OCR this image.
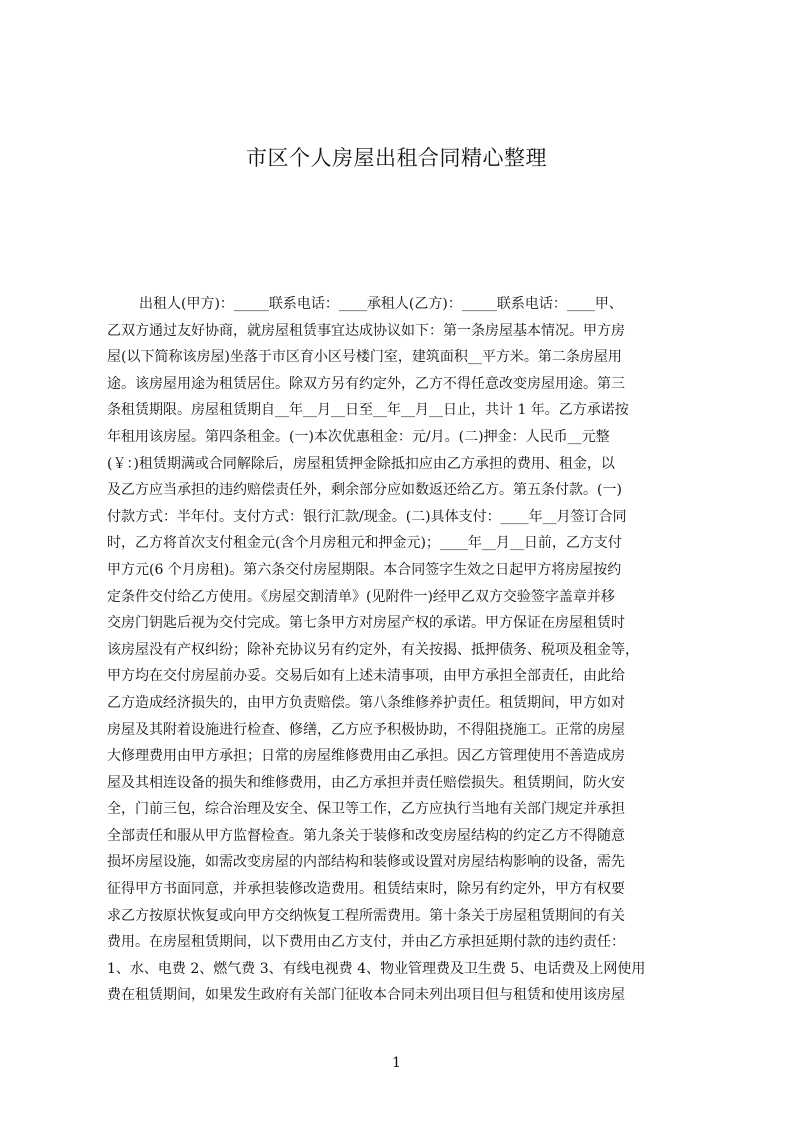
市区个人房屋出租合同精心整理
出租人(甲方)：_____联系电话：____承租人(乙方)：_____联系电话：____甲、
乙双方通过友好协商，就房屋租赁事宜达成协议如下：第一条房屋基本情况。甲方房
屋(以下简称该房屋)坐落于市区育小区号楼门室，建筑面积__平方米。第二条房屋用
途。该房屋用途为租赁居住。除双方另有约定外，乙方不得任意改变房屋用途。第三
条租赁期限。房屋租赁期自__年__月__日至__年__月__日止，共计 1 年。乙方承诺按
年租用该房屋。第四条租金。(一)本次优惠租金：元/月。(二)押金：人民币__元整
(￥：)租赁期满或合同解除后，房屋租赁押金除抵扣应由乙方承担的费用、租金，以
及乙方应当承担的违约赔偿责任外，剩余部分应如数返还给乙方。第五条付款。(一)
付款方式：半年付。支付方式：银行汇款/现金。(二)具体支付：____年__月签订合同
时，乙方将首次支付租金元(含个月房租元和押金元)；____年__月__日前，乙方支付
甲方元(6 个月房租)。第六条交付房屋期限。本合同签字生效之日起甲方将房屋按约
定条件交付给乙方使用。《房屋交割清单》(见附件一)经甲乙双方交验签字盖章并移
交房门钥匙后视为交付完成。第七条甲方对房屋产权的承诺。甲方保证在房屋租赁时
该房屋没有产权纠纷；除补充协议另有约定外，有关按揭、抵押债务、税项及租金等，
甲方均在交付房屋前办妥。交易后如有上述未清事项，由甲方承担全部责任，由此给
乙方造成经济损失的，由甲方负责赔偿。第八条维修养护责任。租赁期间，甲方如对
房屋及其附着设施进行检查、修缮，乙方应予积极协助，不得阻挠施工。正常的房屋
大修理费用由甲方承担；日常的房屋维修费用由乙承担。因乙方管理使用不善造成房
屋及其相连设备的损失和维修费用，由乙方承担并责任赔偿损失。租赁期间，防火安
全，门前三包，综合治理及安全、保卫等工作，乙方应执行当地有关部门规定并承担
全部责任和服从甲方监督检查。第九条关于装修和改变房屋结构的约定乙方不得随意
损坏房屋设施，如需改变房屋的内部结构和装修或设置对房屋结构影响的设备，需先
征得甲方书面同意，并承担装修改造费用。租赁结束时，除另有约定外，甲方有权要
求乙方按原状恢复或向甲方交纳恢复工程所需费用。第十条关于房屋租赁期间的有关
费用。在房屋租赁期间，以下费用由乙方支付，并由乙方承担延期付款的违约责任：
1、水、电费 2、燃气费 3、有线电视费 4、物业管理费及卫生费 5、电话费及上网使用
费在租赁期间，如果发生政府有关部门征收本合同未列出项目但与租赁和使用该房屋
1
